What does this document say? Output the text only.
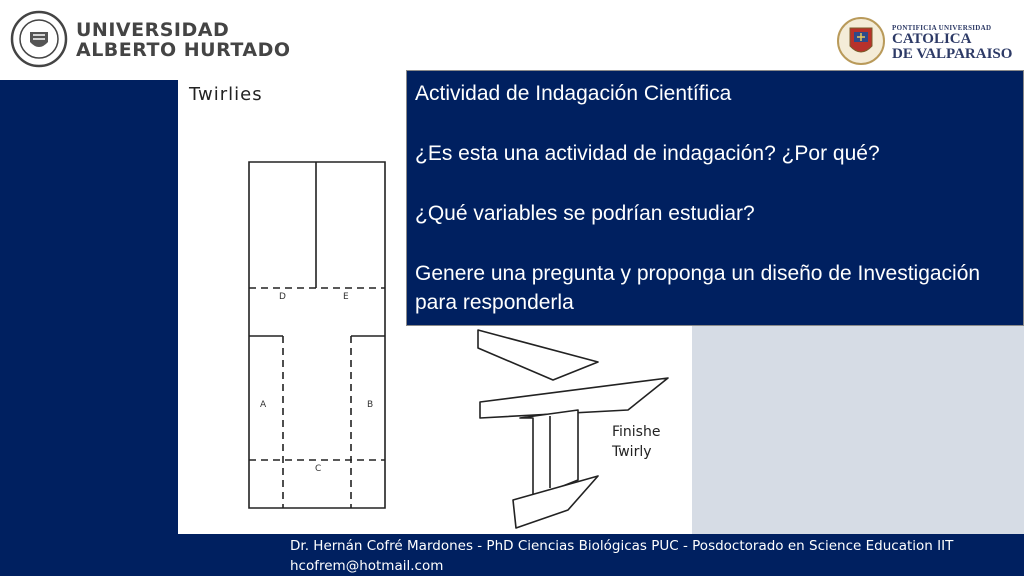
UNIVERSIDAD
ALBERTO HURTADO
PONTIFICIA UNIVERSIDAD
CATOLICA
DE VALPARAISO
Twirlies
D	E
A	B
C
Finishe
Twirly

Actividad de Indagación Científica

¿Es esta una actividad de indagación? ¿Por qué?

¿Qué variables se podrían estudiar?

Genere una pregunta y proponga un diseño de Investigación para responderla

Dr. Hernán Cofré Mardones - PhD Ciencias Biológicas PUC - Posdoctorado en Science Education IIT hcofrem@hotmail.com
